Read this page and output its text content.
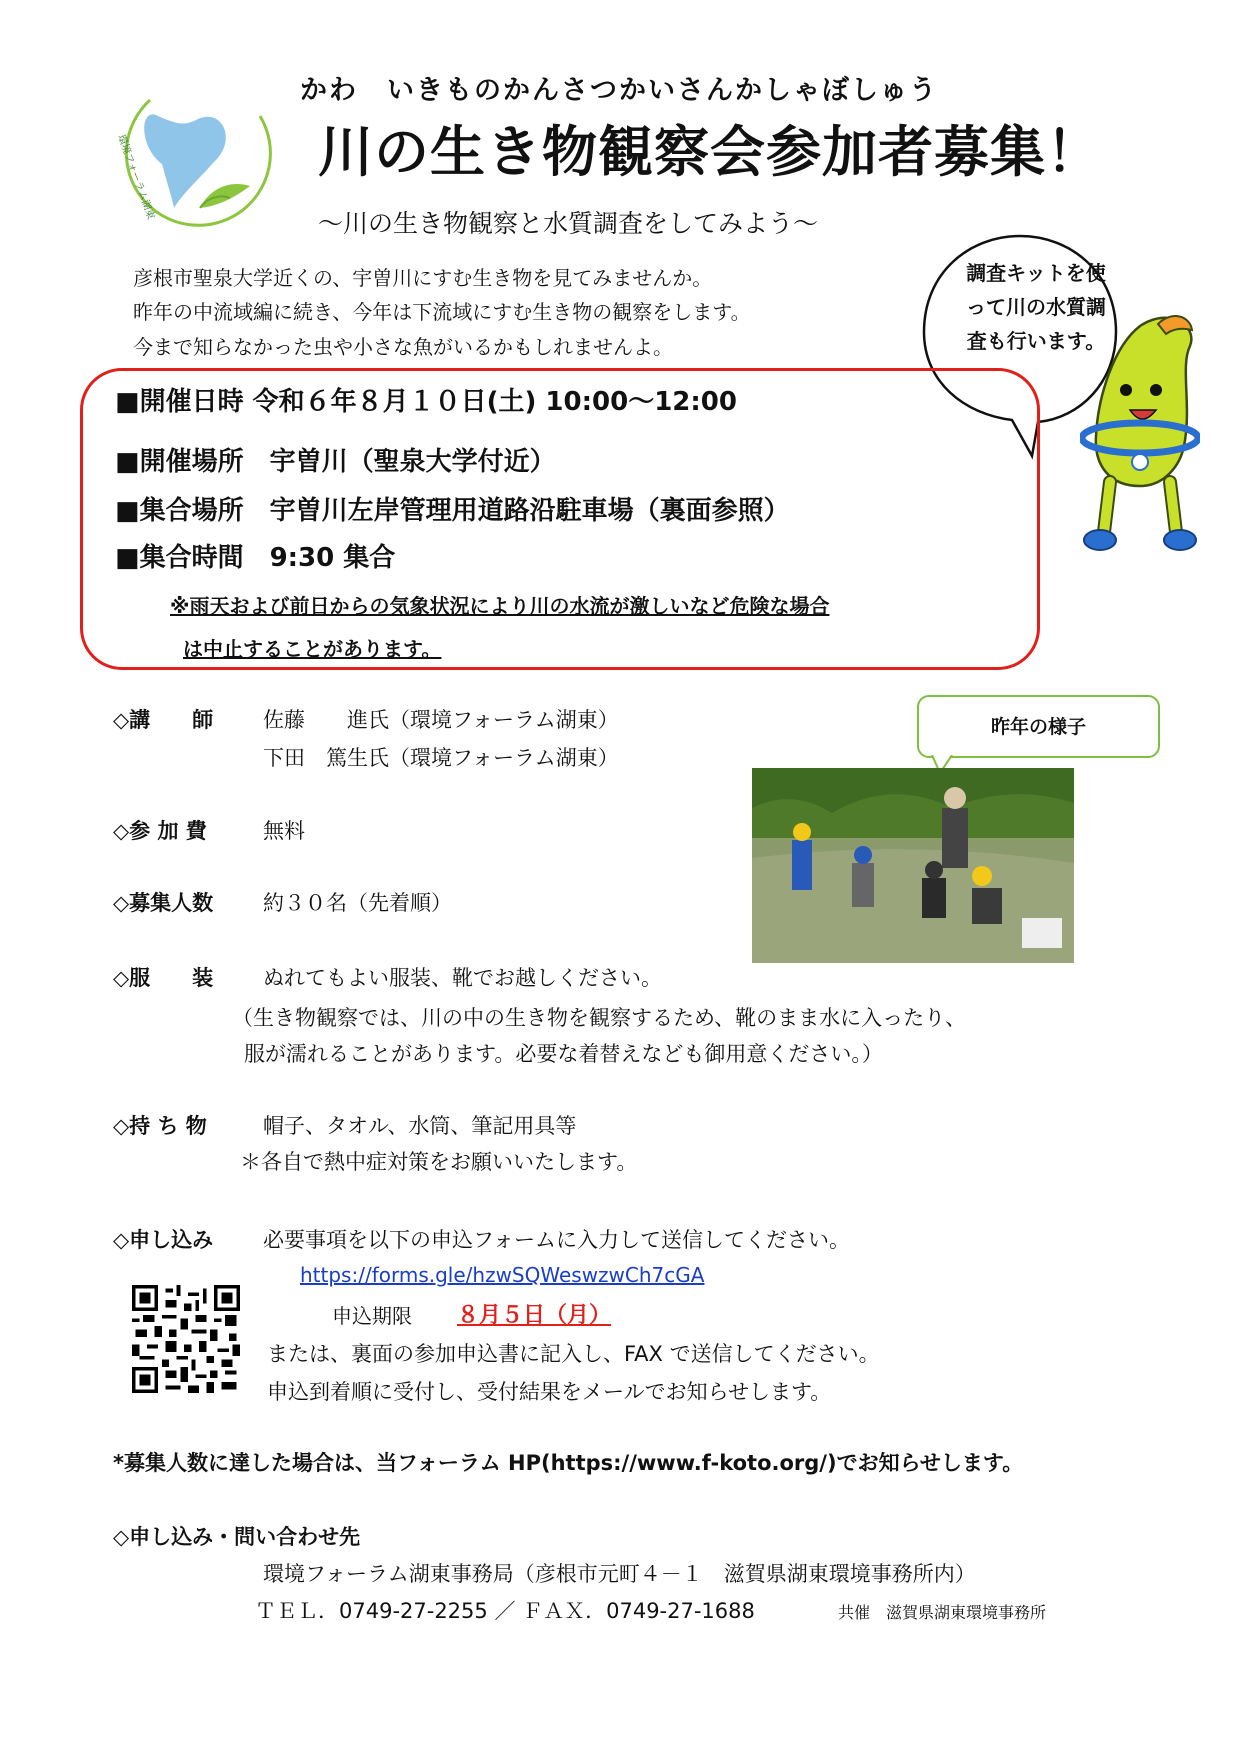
環境フォーラム湖東
かわ　いきものかんさつかいさんかしゃぼしゅう
川の生き物観察会参加者募集！
～川の生き物観察と水質調査をしてみよう～
彦根市聖泉大学近くの、宇曽川にすむ生き物を見てみませんか。
昨年の中流域編に続き、今年は下流域にすむ生き物の観察をします。
今まで知らなかった虫や小さな魚がいるかもしれませんよ。
調査キットを使って川の水質調査も行います。
■開催日時 令和６年８月１０日(土) 10:00～12:00
■開催場所　宇曽川（聖泉大学付近）
■集合場所　宇曽川左岸管理用道路沿駐車場（裏面参照）
■集合時間　9:30 集合
※雨天および前日からの気象状況により川の水流が激しいなど危険な場合
は中止することがあります。
◇講　　師 佐藤　　進氏（環境フォーラム湖東）
下田　篤生氏（環境フォーラム湖東）
昨年の様子
◇参 加 費	無料
◇募集人数 約３０名（先着順）
◇服　　装 ぬれてもよい服装、靴でお越しください。
（生き物観察では、川の中の生き物を観察するため、靴のまま水に入ったり、
服が濡れることがあります。必要な着替えなども御用意ください。）
◇持 ち 物	帽子、タオル、水筒、筆記用具等
＊各自で熱中症対策をお願いいたします。
◇申し込み 必要事項を以下の申込フォームに入力して送信してください。
https://forms.gle/hzwSQWeswzwCh7cGA
申込期限 ８月５日（月）
または、裏面の参加申込書に記入し、FAX で送信してください。
申込到着順に受付し、受付結果をメールでお知らせします。
*募集人数に達した場合は、当フォーラム HP(https://www.f-koto.org/)でお知らせします。
◇申し込み・問い合わせ先
環境フォーラム湖東事務局（彦根市元町４－１　滋賀県湖東環境事務所内）
ＴＥＬ．0749-27-2255 ／ ＦＡＸ．0749-27-1688	共催　滋賀県湖東環境事務所
